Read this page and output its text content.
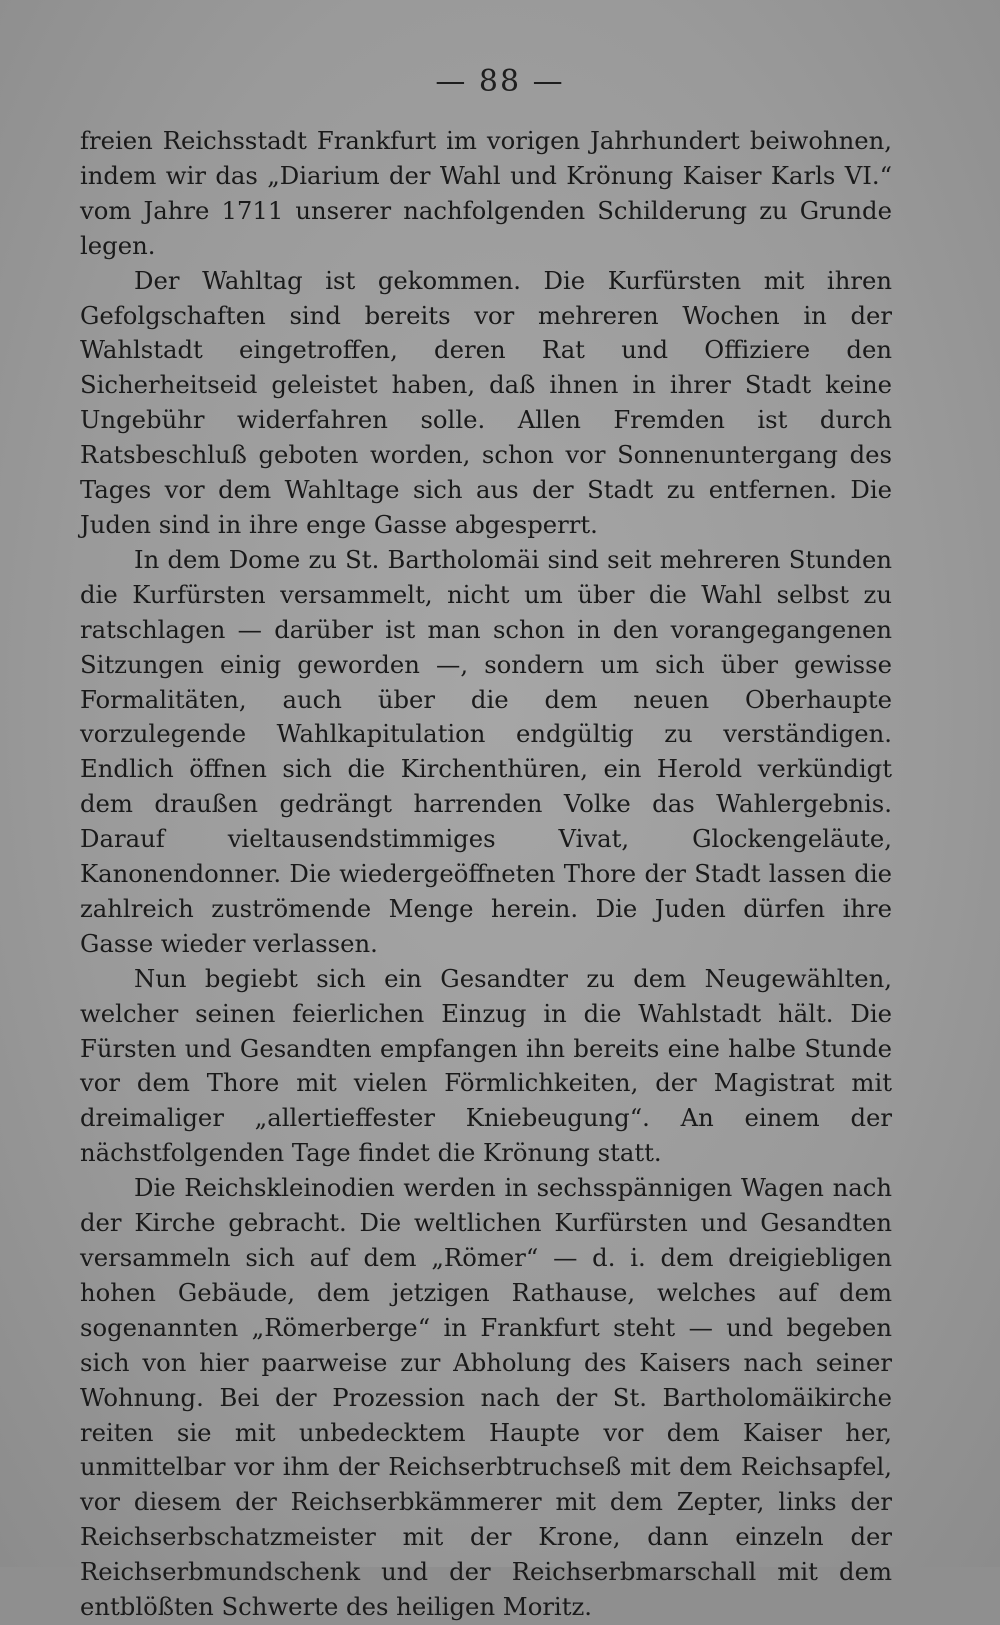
— 88 —

freien Reichsstadt Frankfurt im vorigen Jahrhundert beiwohnen, indem wir das „Diarium der Wahl und Krönung Kaiser Karls VI.“ vom Jahre 1711 unserer nachfolgenden Schilderung zu Grunde legen.

Der Wahltag ist gekommen. Die Kurfürsten mit ihren Gefolgschaften sind bereits vor mehreren Wochen in der Wahlstadt eingetroffen, deren Rat und Offiziere den Sicherheitseid geleistet haben, daß ihnen in ihrer Stadt keine Ungebühr widerfahren solle. Allen Fremden ist durch Ratsbeschluß geboten worden, schon vor Sonnenuntergang des Tages vor dem Wahltage sich aus der Stadt zu entfernen. Die Juden sind in ihre enge Gasse abgesperrt.

In dem Dome zu St. Bartholomäi sind seit mehreren Stunden die Kurfürsten versammelt, nicht um über die Wahl selbst zu ratschlagen — darüber ist man schon in den vorangegangenen Sitzungen einig geworden —, sondern um sich über gewisse Formalitäten, auch über die dem neuen Oberhaupte vorzulegende Wahlkapitulation endgültig zu verständigen. Endlich öffnen sich die Kirchenthüren, ein Herold verkündigt dem draußen gedrängt harrenden Volke das Wahlergebnis. Darauf vieltausendstimmiges Vivat, Glockengeläute, Kanonendonner. Die wiedergeöffneten Thore der Stadt lassen die zahlreich zuströmende Menge herein. Die Juden dürfen ihre Gasse wieder verlassen.

Nun begiebt sich ein Gesandter zu dem Neugewählten, welcher seinen feierlichen Einzug in die Wahlstadt hält. Die Fürsten und Gesandten empfangen ihn bereits eine halbe Stunde vor dem Thore mit vielen Förmlichkeiten, der Magistrat mit dreimaliger „allertieffester Kniebeugung“. An einem der nächstfolgenden Tage findet die Krönung statt.

Die Reichskleinodien werden in sechsspännigen Wagen nach der Kirche gebracht. Die weltlichen Kurfürsten und Gesandten versammeln sich auf dem „Römer“ — d. i. dem dreigiebligen hohen Gebäude, dem jetzigen Rathause, welches auf dem sogenannten „Römerberge“ in Frankfurt steht — und begeben sich von hier paarweise zur Abholung des Kaisers nach seiner Wohnung. Bei der Prozession nach der St. Bartholomäikirche reiten sie mit unbedecktem Haupte vor dem Kaiser her, unmittelbar vor ihm der Reichserbtruchseß mit dem Reichsapfel, vor diesem der Reichserbkämmerer mit dem Zepter, links der Reichserbschatzmeister mit der Krone, dann einzeln der Reichserbmundschenk und der Reichserbmarschall mit dem entblößten Schwerte des heiligen Moritz.
